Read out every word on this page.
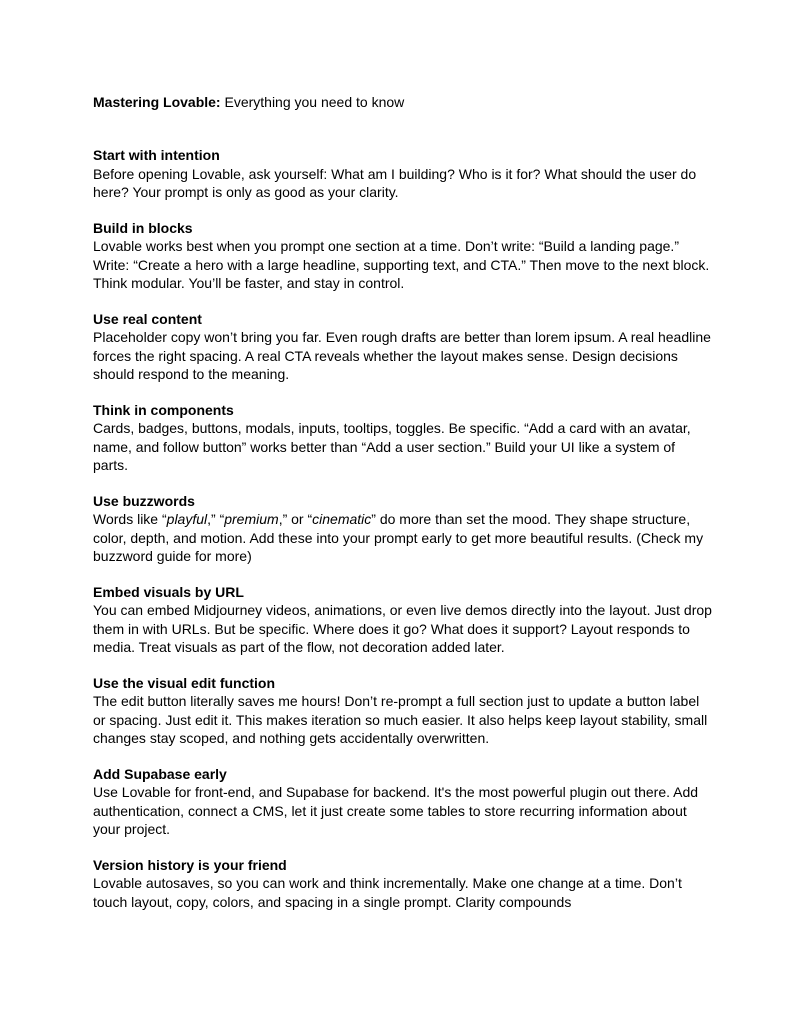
Mastering Lovable: Everything you need to know

Start with intention

Before opening Lovable, ask yourself: What am I building? Who is it for? What should the user do here? Your prompt is only as good as your clarity.

Build in blocks

Lovable works best when you prompt one section at a time. Don’t write: “Build a landing page.” Write: “Create a hero with a large headline, supporting text, and CTA.” Then move to the next block. Think modular. You’ll be faster, and stay in control.

Use real content

Placeholder copy won’t bring you far. Even rough drafts are better than lorem ipsum. A real headline forces the right spacing. A real CTA reveals whether the layout makes sense. Design decisions should respond to the meaning.

Think in components

Cards, badges, buttons, modals, inputs, tooltips, toggles. Be specific. “Add a card with an avatar, name, and follow button” works better than “Add a user section.” Build your UI like a system of parts.

Use buzzwords

Words like “playful,” “premium,” or “cinematic” do more than set the mood. They shape structure, color, depth, and motion. Add these into your prompt early to get more beautiful results. (Check my buzzword guide for more)

Embed visuals by URL

You can embed Midjourney videos, animations, or even live demos directly into the layout. Just drop them in with URLs. But be specific. Where does it go? What does it support? Layout responds to media. Treat visuals as part of the flow, not decoration added later.

Use the visual edit function

The edit button literally saves me hours! Don’t re-prompt a full section just to update a button label or spacing. Just edit it. This makes iteration so much easier. It also helps keep layout stability, small changes stay scoped, and nothing gets accidentally overwritten.

Add Supabase early

Use Lovable for front-end, and Supabase for backend. It's the most powerful plugin out there. Add authentication, connect a CMS, let it just create some tables to store recurring information about your project.

Version history is your friend

Lovable autosaves, so you can work and think incrementally. Make one change at a time. Don’t touch layout, copy, colors, and spacing in a single prompt. Clarity compounds
